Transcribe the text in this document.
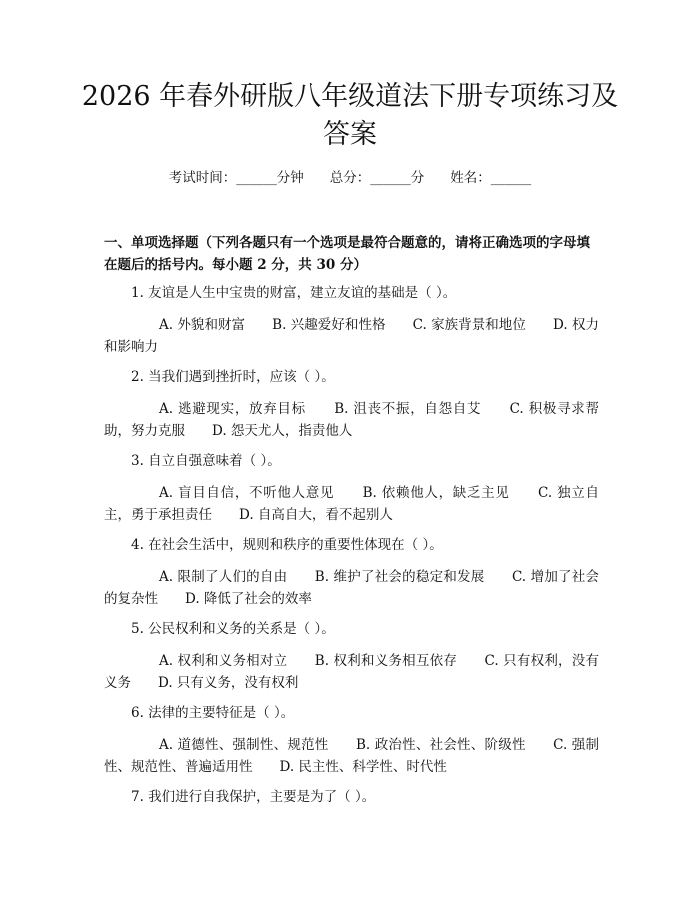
2026 年春外研版八年级道法下册专项练习及答案
考试时间：______分钟 总分：______分 姓名：______
一、单项选择题（下列各题只有一个选项是最符合题意的，请将正确选项的字母填在题后的括号内。每小题 2 分，共 30 分）
1. 友谊是人生中宝贵的财富，建立友谊的基础是（ ）。
A. 外貌和财富　　B. 兴趣爱好和性格　　C. 家族背景和地位　　D. 权力和影响力
2. 当我们遇到挫折时，应该（ ）。
A. 逃避现实，放弃目标　　B. 沮丧不振，自怨自艾　　C. 积极寻求帮助，努力克服　　D. 怨天尤人，指责他人
3. 自立自强意味着（ ）。
A. 盲目自信，不听他人意见　　B. 依赖他人，缺乏主见　　C. 独立自主，勇于承担责任　　D. 自高自大，看不起别人
4. 在社会生活中，规则和秩序的重要性体现在（ ）。
A. 限制了人们的自由　　B. 维护了社会的稳定和发展　　C. 增加了社会的复杂性　　D. 降低了社会的效率
5. 公民权利和义务的关系是（ ）。
A. 权利和义务相对立　　B. 权利和义务相互依存　　C. 只有权利，没有义务　　D. 只有义务，没有权利
6. 法律的主要特征是（ ）。
A. 道德性、强制性、规范性　　B. 政治性、社会性、阶级性　　C. 强制性、规范性、普遍适用性　　D. 民主性、科学性、时代性
7. 我们进行自我保护，主要是为了（ ）。
